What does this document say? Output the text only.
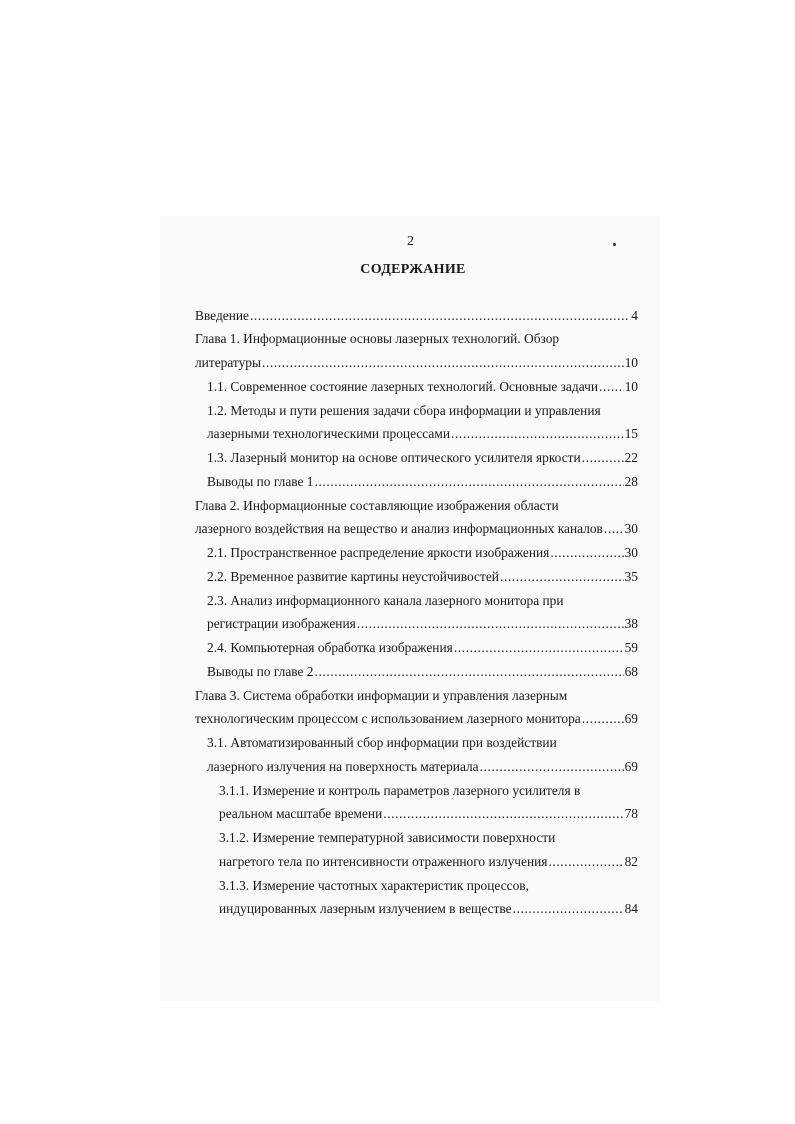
2
СОДЕРЖАНИЕ
Введение .....	4
Глава 1. Информационные основы лазерных технологий. Обзор
литературы .....	10
1.1. Современное состояние лазерных технологий. Основные задачи ..... 10
1.2. Методы и пути решения задачи сбора информации и управления
лазерными технологическими процессами .....	15
1.3. Лазерный монитор на основе оптического усилителя яркости .....	22
Выводы по главе 1 .....	28
Глава 2. Информационные составляющие изображения области
лазерного воздействия на вещество и анализ информационных каналов ..... 30
2.1. Пространственное распределение яркости изображения .....	30
2.2. Временное развитие картины неустойчивостей .....	35
2.3. Анализ информационного канала лазерного монитора при
регистрации изображения .....	38
2.4. Компьютерная обработка изображения .....	59
Выводы по главе 2 .....	68
Глава 3. Система обработки информации и управления лазерным
технологическим процессом с использованием лазерного монитора .....	69
3.1. Автоматизированный сбор информации при воздействии
лазерного излучения на поверхность материала .....	69
3.1.1. Измерение и контроль параметров лазерного усилителя в
реальном масштабе времени .....	78
3.1.2. Измерение температурной зависимости поверхности
нагретого тела по интенсивности отраженного излучения .....	82
3.1.3. Измерение частотных характеристик процессов,
индуцированных лазерным излучением в веществе .....	84
